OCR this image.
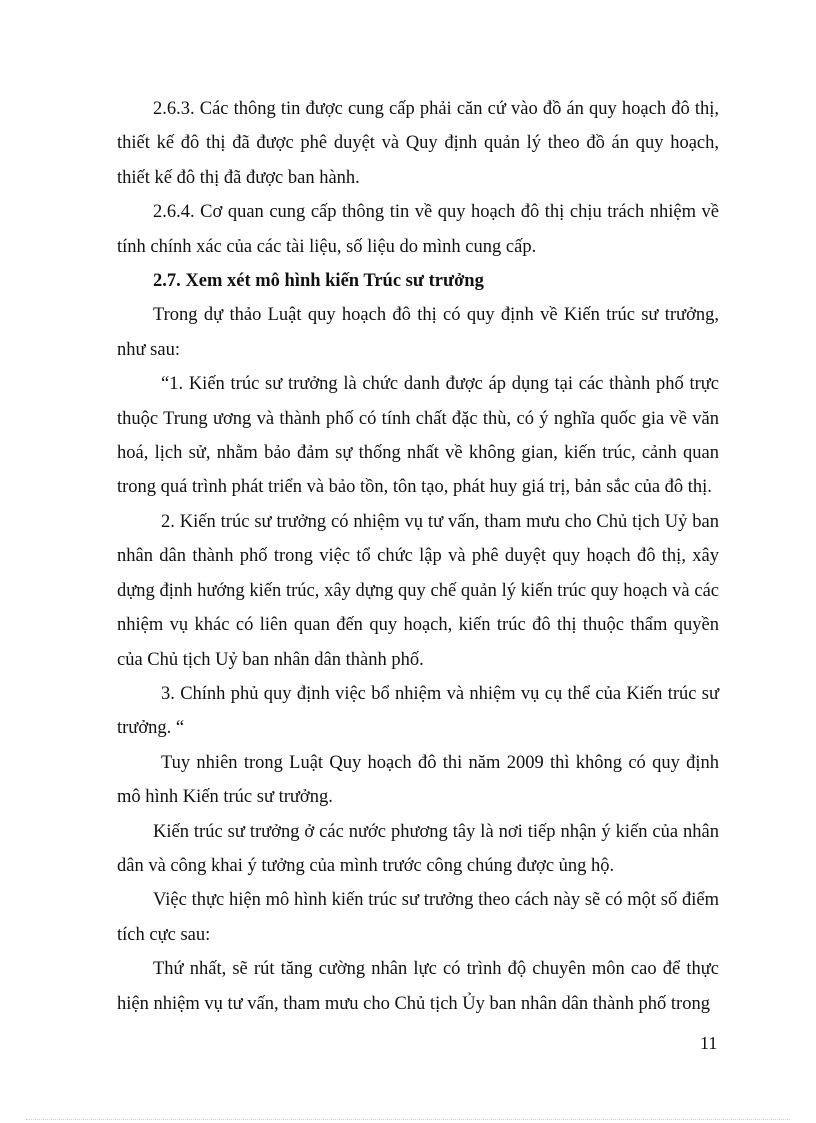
2.6.3. Các thông tin được cung cấp phải căn cứ vào đồ án quy hoạch đô thị, thiết kế đô thị đã được phê duyệt và Quy định quản lý theo đồ án quy hoạch, thiết kế đô thị đã được ban hành.

2.6.4. Cơ quan cung cấp thông tin về quy hoạch đô thị chịu trách nhiệm về tính chính xác của các tài liệu, số liệu do mình cung cấp.

2.7. Xem xét mô hình kiến Trúc sư trưởng

Trong dự thảo Luật quy hoạch đô thị có quy định về Kiến trúc sư trưởng, như sau:

“1. Kiến trúc sư trưởng là chức danh được áp dụng tại các thành phố trực thuộc Trung ương và thành phố có tính chất đặc thù, có ý nghĩa quốc gia về văn hoá, lịch sử, nhằm bảo đảm sự thống nhất về không gian, kiến trúc, cảnh quan trong quá trình phát triển và bảo tồn, tôn tạo, phát huy giá trị, bản sắc của đô thị.

2. Kiến trúc sư trưởng có nhiệm vụ tư vấn, tham mưu cho Chủ tịch Uỷ ban nhân dân thành phố trong việc tổ chức lập và phê duyệt quy hoạch đô thị, xây dựng định hướng kiến trúc, xây dựng quy chế quản lý kiến trúc quy hoạch và các nhiệm vụ khác có liên quan đến quy hoạch, kiến trúc đô thị thuộc thẩm quyền của Chủ tịch Uỷ ban nhân dân thành phố.

3. Chính phủ quy định việc bổ nhiệm và nhiệm vụ cụ thể của Kiến trúc sư trưởng. “

Tuy nhiên trong Luật Quy hoạch đô thi năm 2009 thì không có quy định mô hình Kiến trúc sư trưởng.

Kiến trúc sư trưởng ở các nước phương tây là nơi tiếp nhận ý kiến của nhân dân và công khai ý tưởng của mình trước công chúng được ủng hộ.

Việc thực hiện mô hình kiến trúc sư trưởng theo cách này sẽ có một số điểm tích cực sau:

Thứ nhất, sẽ rút tăng cường nhân lực có trình độ chuyên môn cao để thực hiện nhiệm vụ tư vấn, tham mưu cho Chủ tịch Ủy ban nhân dân thành phố trong

11
